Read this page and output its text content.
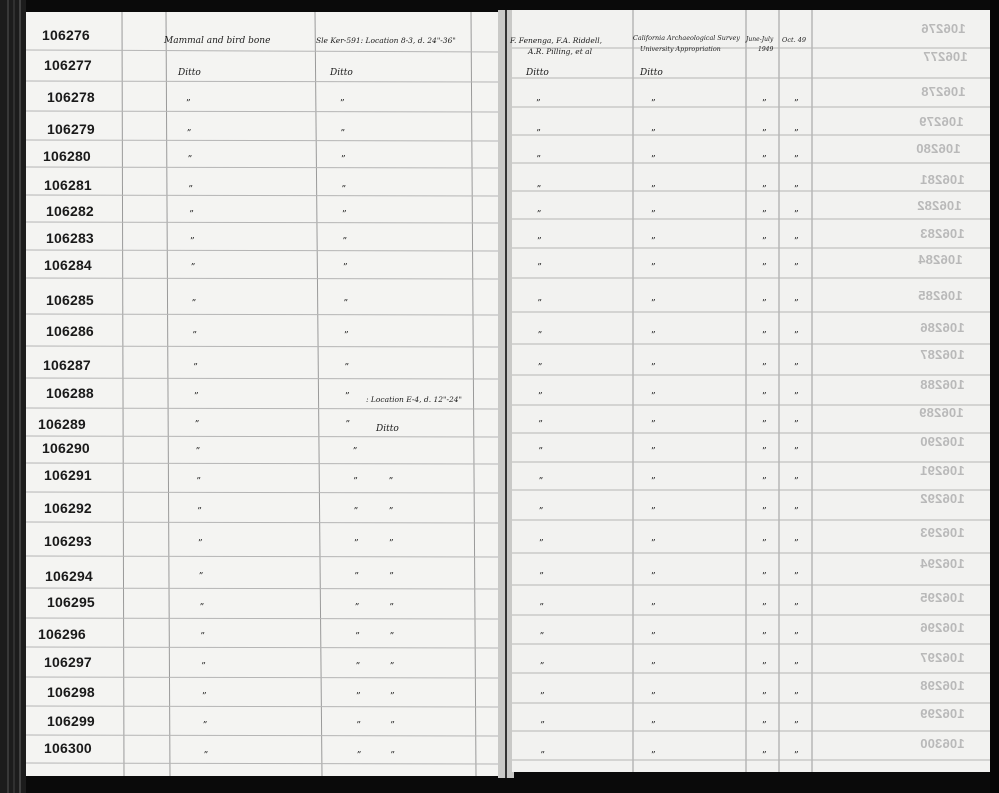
106276
106277
106278
106279
106280
106281
106282
106283
106284
106285
106286
106287
106288
106289
106290
106291
106292
106293
106294
106295
106296
106297
106298
106299
106300
106276
106277
106278
106279
106280
106281
106282
106283
106284
106285
106286
106287
106288
106289
106290
106291
106292
106293
106294
106295
106296
106297
106298
106299
106300
Mammal and bird bone
Ditto
Sle Ker-591: Location 8-3, d. 24"-36"
Ditto
: Location E-4, d. 12"-24"
Ditto
F. Fenenga, F.A. Riddell,
A.R. Pilling, et al
Ditto
California Archaeological Survey
University Appropriation
Ditto
June-July
1949
Oct. 49
”
”
”
”
”
”
”
”
”
”
”
”
”
”
”
”
”
”
”
”
”
”
”
”
”
”
”
”
”
”
”
”
”
”
”
”
”
”
”
”
”
”
”
”
”
”
”
”
”
”
”
”
”
”
”
”
”
”
”
”
”
”
”
”
”
”
”
”
”
”
”
”
”
”
”
”
”
”
”
”
”
”
”
”
”
”
”
”
”
”
”
”
”
”
”
”
”
”
”
”
”
”
”
”
”
”
”
”
”
”
”
”
”
”
”
”
”
”
”
”
”
”
”
”
”
”
”
”
”
”
”
”
”
”
”
”
”
”
”
”
”
”
”
”
”
”
”
”
